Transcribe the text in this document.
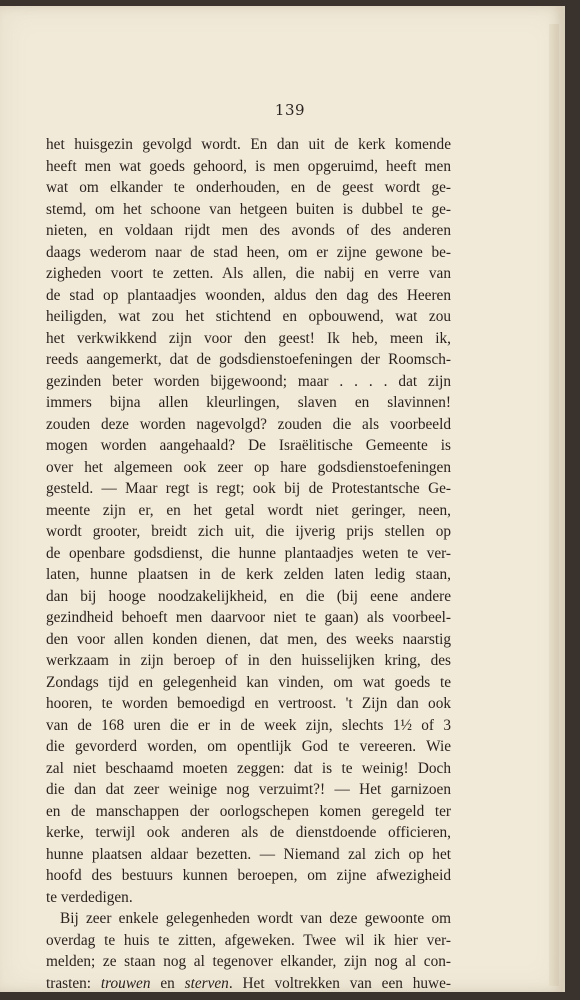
139
het huisgezin gevolgd wordt. En dan uit de kerk komende
heeft men wat goeds gehoord, is men opgeruimd, heeft men
wat om elkander te onderhouden, en de geest wordt ge-
stemd, om het schoone van hetgeen buiten is dubbel te ge-
nieten, en voldaan rijdt men des avonds of des anderen
daags wederom naar de stad heen, om er zijne gewone be-
zigheden voort te zetten. Als allen, die nabij en verre van
de stad op plantaadjes woonden, aldus den dag des Heeren
heiligden, wat zou het stichtend en opbouwend, wat zou
het verkwikkend zijn voor den geest! Ik heb, meen ik,
reeds aangemerkt, dat de godsdienstoefeningen der Roomsch-
gezinden beter worden bijgewoond; maar . . . . dat zijn
immers bijna allen kleurlingen, slaven en slavinnen!
zouden deze worden nagevolgd? zouden die als voorbeeld
mogen worden aangehaald? De Israëlitische Gemeente is
over het algemeen ook zeer op hare godsdienstoefeningen
gesteld. — Maar regt is regt; ook bij de Protestantsche Ge-
meente zijn er, en het getal wordt niet geringer, neen,
wordt grooter, breidt zich uit, die ijverig prijs stellen op
de openbare godsdienst, die hunne plantaadjes weten te ver-
laten, hunne plaatsen in de kerk zelden laten ledig staan,
dan bij hooge noodzakelijkheid, en die (bij eene andere
gezindheid behoeft men daarvoor niet te gaan) als voorbeel-
den voor allen konden dienen, dat men, des weeks naarstig
werkzaam in zijn beroep of in den huisselijken kring, des
Zondags tijd en gelegenheid kan vinden, om wat goeds te
hooren, te worden bemoedigd en vertroost. 't Zijn dan ook
van de 168 uren die er in de week zijn, slechts 1½ of 3
die gevorderd worden, om opentlijk God te vereeren. Wie
zal niet beschaamd moeten zeggen: dat is te weinig! Doch
die dan dat zeer weinige nog verzuimt?! — Het garnizoen
en de manschappen der oorlogschepen komen geregeld ter
kerke, terwijl ook anderen als de dienstdoende officieren,
hunne plaatsen aldaar bezetten. — Niemand zal zich op het
hoofd des bestuurs kunnen beroepen, om zijne afwezigheid
te verdedigen.
Bij zeer enkele gelegenheden wordt van deze gewoonte om
overdag te huis te zitten, afgeweken. Twee wil ik hier ver-
melden; ze staan nog al tegenover elkander, zijn nog al con-
trasten: trouwen en sterven. Het voltrekken van een huwe-
